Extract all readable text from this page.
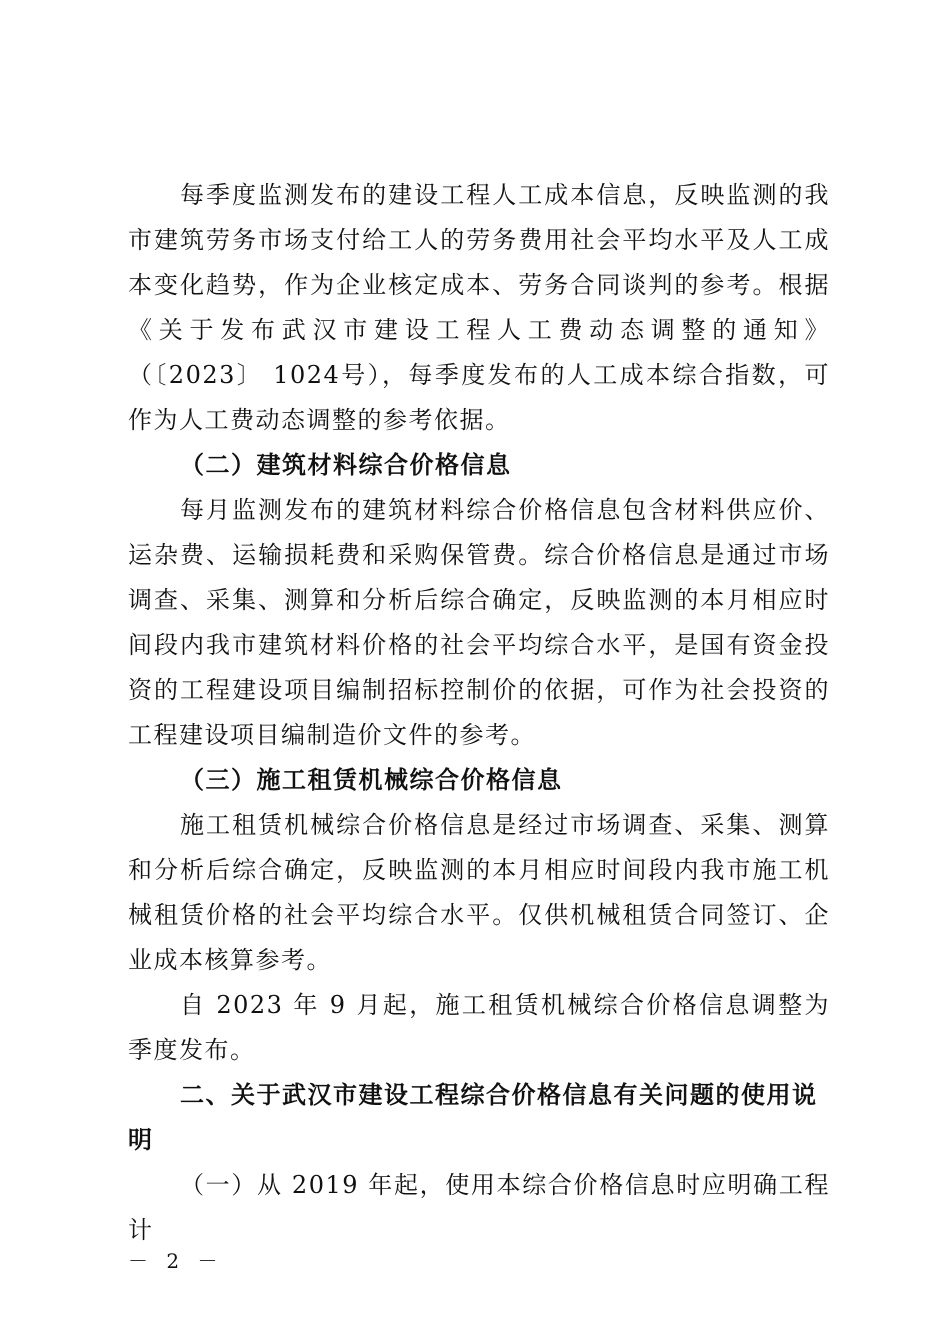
每季度监测发布的建设工程人工成本信息，反映监测的我市建筑劳务市场支付给工人的劳务费用社会平均水平及人工成本变化趋势，作为企业核定成本、劳务合同谈判的参考。根据《关于发布武汉市建设工程人工费动态调整的通知》（〔2023〕 1024号），每季度发布的人工成本综合指数，可作为人工费动态调整的参考依据。

（二）建筑材料综合价格信息

每月监测发布的建筑材料综合价格信息包含材料供应价、运杂费、运输损耗费和采购保管费。综合价格信息是通过市场调查、采集、测算和分析后综合确定，反映监测的本月相应时间段内我市建筑材料价格的社会平均综合水平，是国有资金投资的工程建设项目编制招标控制价的依据，可作为社会投资的工程建设项目编制造价文件的参考。

（三）施工租赁机械综合价格信息

施工租赁机械综合价格信息是经过市场调查、采集、测算和分析后综合确定，反映监测的本月相应时间段内我市施工机械租赁价格的社会平均综合水平。仅供机械租赁合同签订、企业成本核算参考。

自 2023 年 9 月起，施工租赁机械综合价格信息调整为季度发布。

二、关于武汉市建设工程综合价格信息有关问题的使用说明

（一）从 2019 年起，使用本综合价格信息时应明确工程计

－ 2 －
